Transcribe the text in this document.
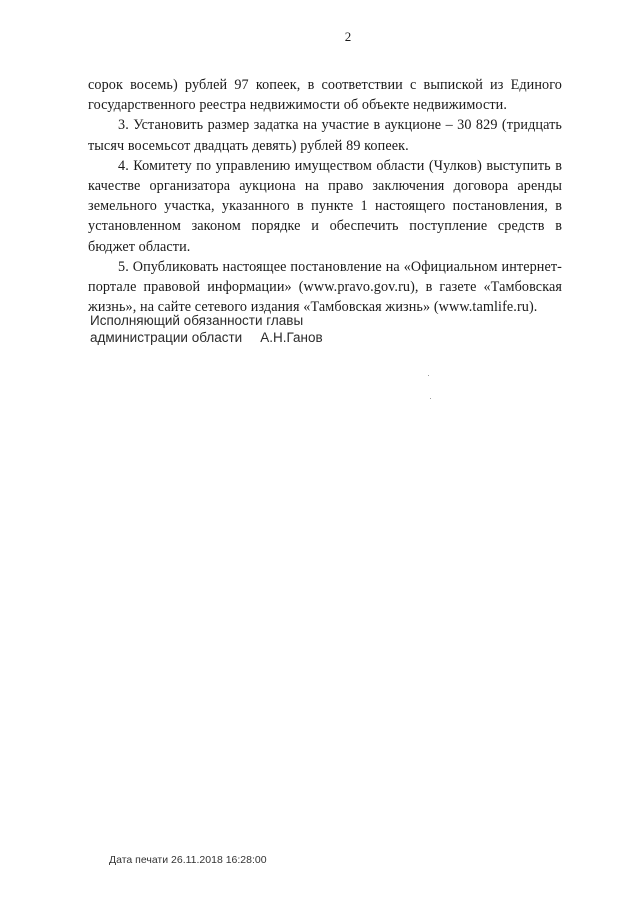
2

сорок восемь) рублей 97 копеек, в соответствии с выпиской из Единого государственного реестра недвижимости об объекте недвижимости.

3. Установить размер задатка на участие в аукционе – 30 829 (тридцать тысяч восемьсот двадцать девять) рублей 89 копеек.

4. Комитету по управлению имуществом области (Чулков) выступить в качестве организатора аукциона на право заключения договора аренды земельного участка, указанного в пункте 1 настоящего постановления, в установленном законом порядке и обеспечить поступление средств в бюджет области.

5. Опубликовать настоящее постановление на «Официальном интернет-портале правовой информации» (www.pravo.gov.ru), в газете «Тамбовская жизнь», на сайте сетевого издания «Тамбовская жизнь» (www.tamlife.ru).

Исполняющий обязанности главы
администрации области А.Н.Ганов
Дата печати 26.11.2018 16:28:00
